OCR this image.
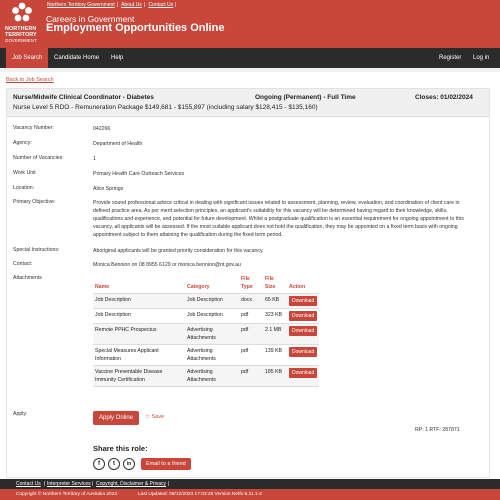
NORTHERN
TERRITORY
GOVERNMENT
Northern Territory Government | About Us | Contact Us |
Careers in Government
Employment Opportunities Online
Job Search	Candidate Home	Help	Register	Log in
Back to Job Search
Nurse/Midwife Clinical Coordinator - Diabetes	Ongoing (Permanent) - Full Time	Closes: 01/02/2024
Nurse Level 5 RDO - Remuneration Package $149,681 - $155,897 (including salary $128,415 - $135,160)
Vacancy Number:	042266
Agency:	Department of Health
Number of Vacancies:	1
Work Unit	Primary Health Care Outreach Services
Location:	Alice Springs
Primary Objective:	Provide sound professional advice critical in dealing with significant issues related to assessment, planning, review, evaluation, and coordination of client care in defined practice area. As per merit selection principles, an applicant's suitability for this vacancy will be determined having regard to their knowledge, skills, qualifications and experience, and potential for future development. Whilst a postgraduate qualification is an essential requirement for ongoing appointment to this vacancy, all applicants will be assessed. If the most suitable applicant does not hold the qualification, they may be appointed on a fixed term basis with ongoing appointment subject to them attaining the qualification during the fixed term period.
Special Instructions:	Aboriginal applicants will be granted priority consideration for this vacancy.
Contact:	Monica Bennion on 08 8955 6129 or monica.bennion@nt.gov.au
Attachments
Name	Category	File Type	File Size	Action
Job Description	Job Description	docx	65 KB	Download
Job Description	Job Description	pdf	323 KB	Download
Remote PPHC Prospectus	Advertising Attachments	pdf	2.1 MB	Download
Special Measures Applicant Information	Advertising Attachments	pdf	139 KB	Download
Vaccine Preventable Disease Immunity Certification	Advertising Attachments	pdf	185 KB	Download
Apply:
Apply Online	☆ Save
RP: 1 RTF: 287871
Share this role:
f	t	in	Email to a friend
Contact Us | Interpreter Services | Copyright, Disclaimer & Privacy |
Copyright © Northern Territory of Australia 2024	Last Updated: 08/12/2023 17:03:28 Version Netfx-5.11.1-2
